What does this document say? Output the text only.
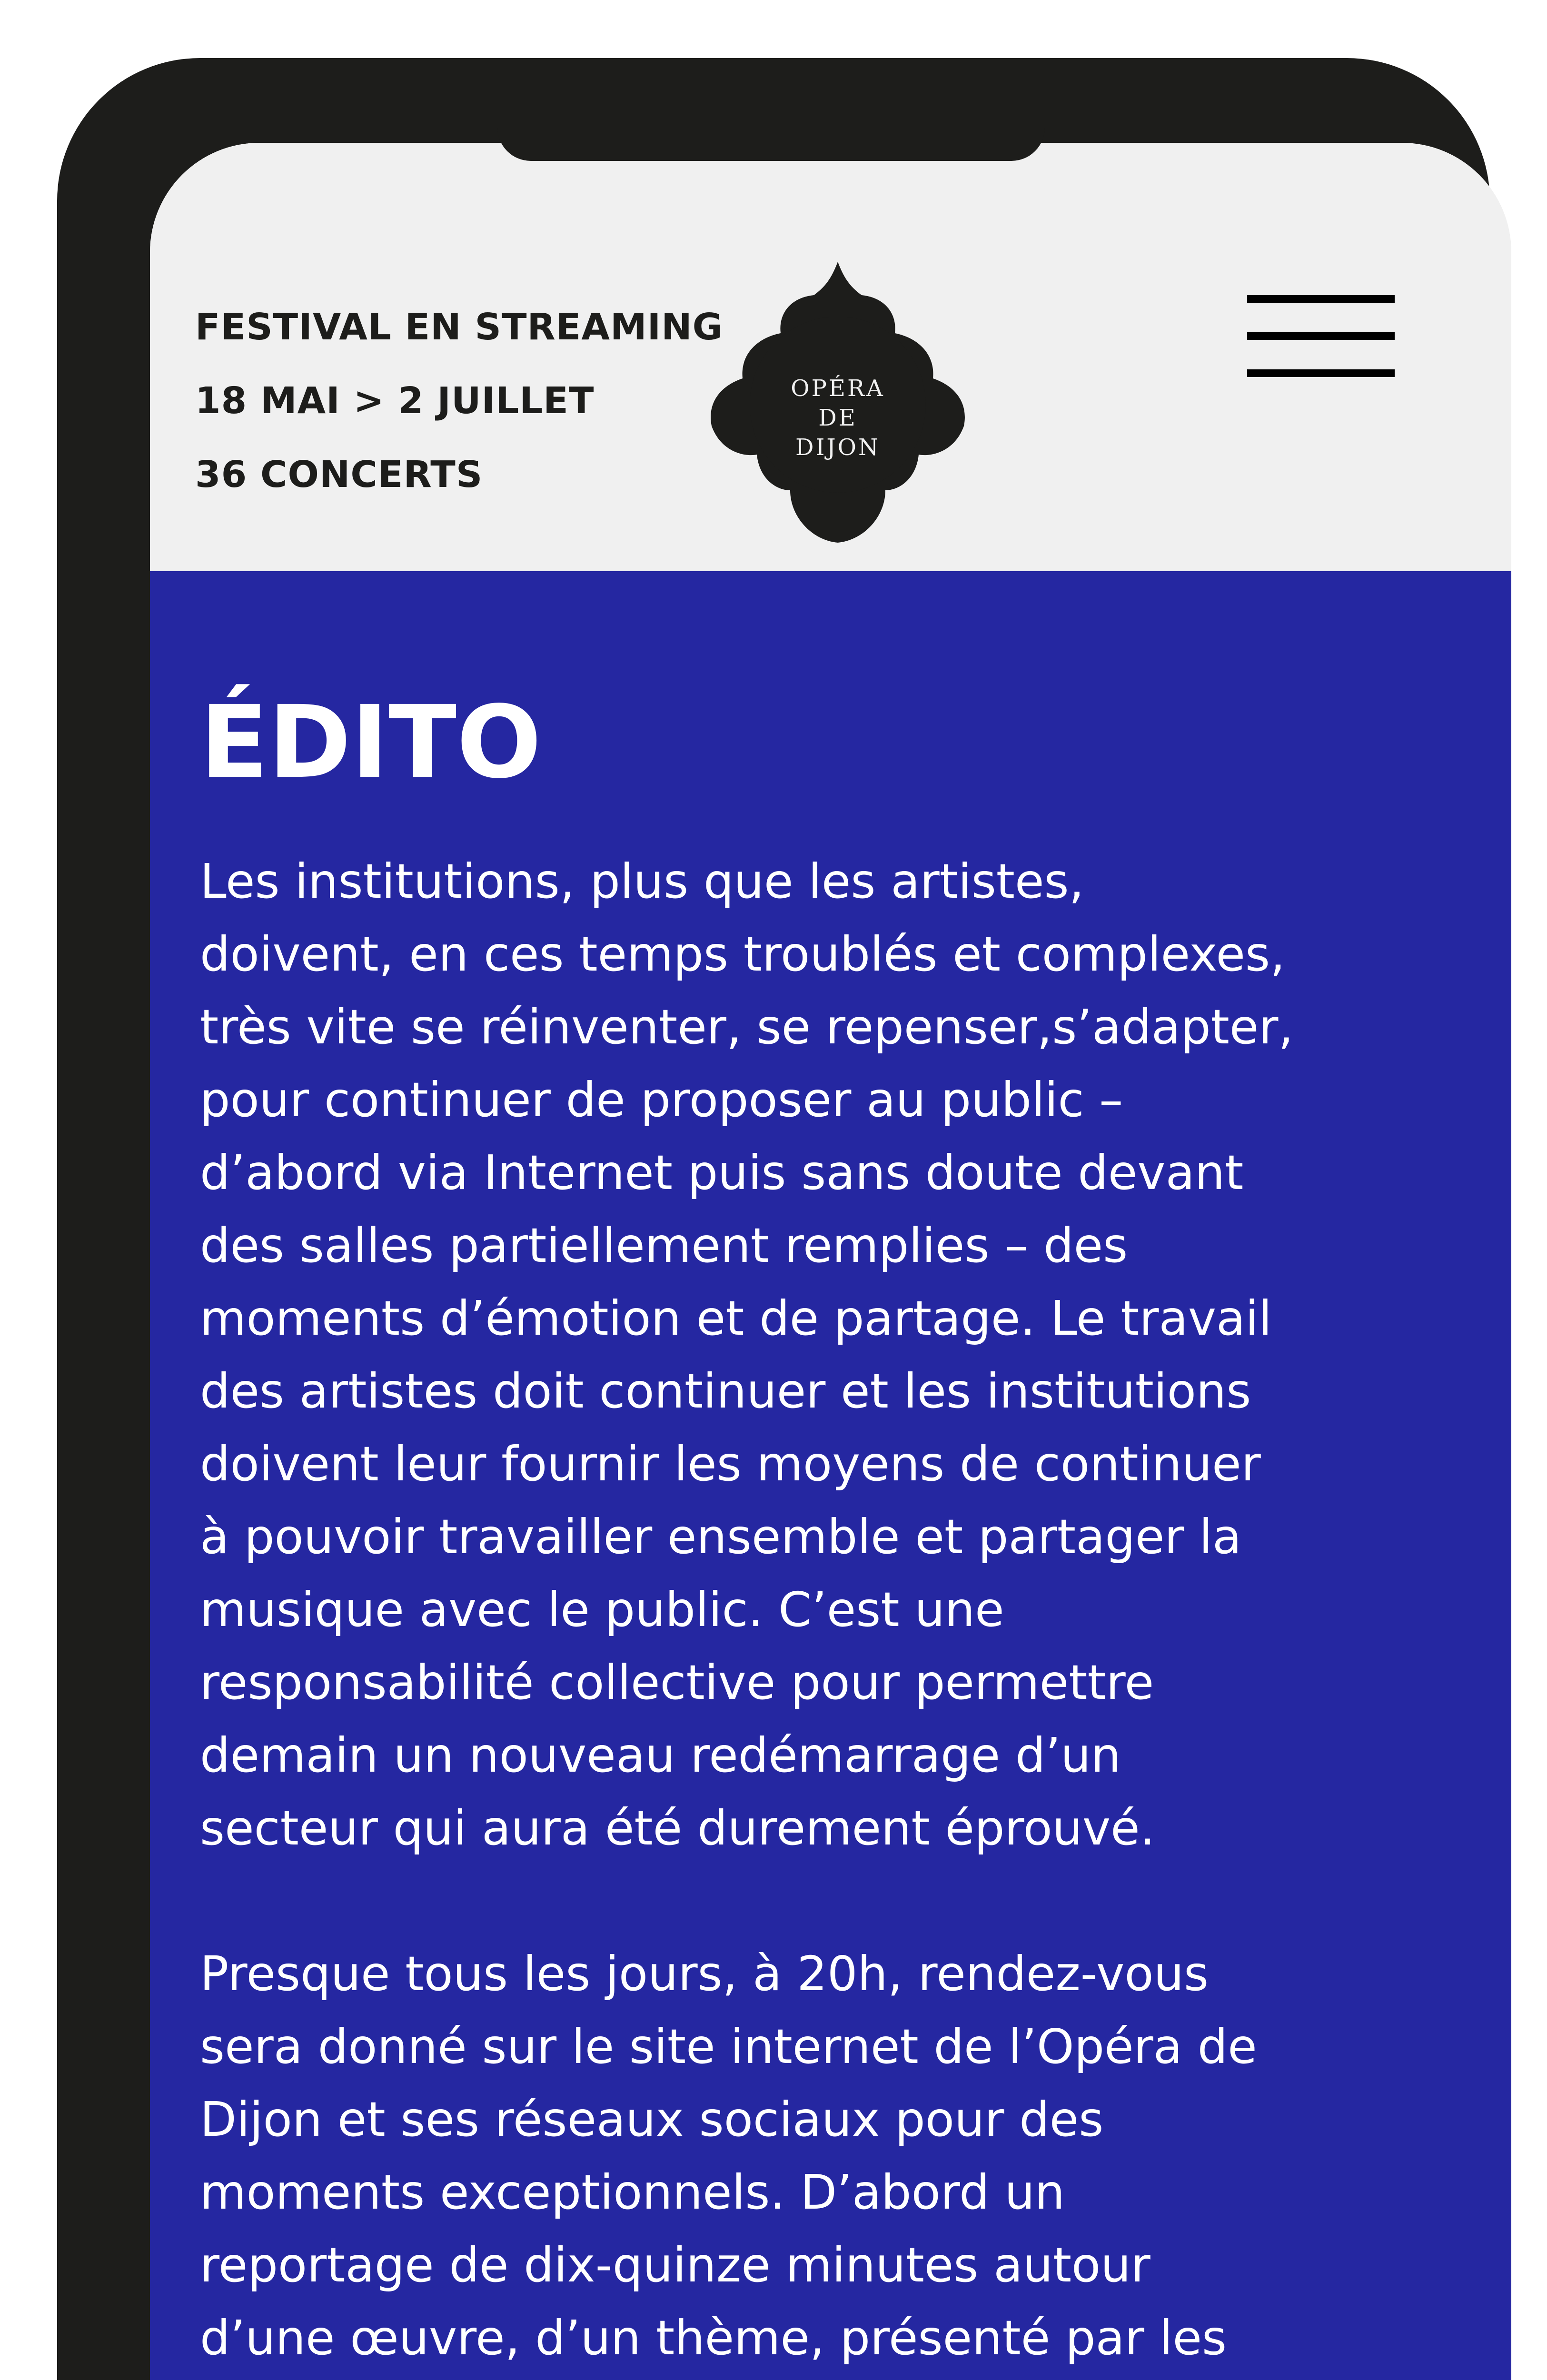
FESTIVAL EN STREAMING
18 MAI > 2 JUILLET
36 CONCERTS
OPÉRA
DE
DIJON
ÉDITO

Les institutions, plus que les artistes,
doivent, en ces temps troublés et complexes,
très vite se réinventer, se repenser,s’adapter,
pour continuer de proposer au public –
d’abord via Internet puis sans doute devant
des salles partiellement remplies – des
moments d’émotion et de partage. Le travail
des artistes doit continuer et les institutions
doivent leur fournir les moyens de continuer
à pouvoir travailler ensemble et partager la
musique avec le public. C’est une
responsabilité collective pour permettre
demain un nouveau redémarrage d’un
secteur qui aura été durement éprouvé.

Presque tous les jours, à 20h, rendez-vous
sera donné sur le site internet de l’Opéra de
Dijon et ses réseaux sociaux pour des
moments exceptionnels. D’abord un
reportage de dix-quinze minutes autour
d’une œuvre, d’un thème, présenté par les
